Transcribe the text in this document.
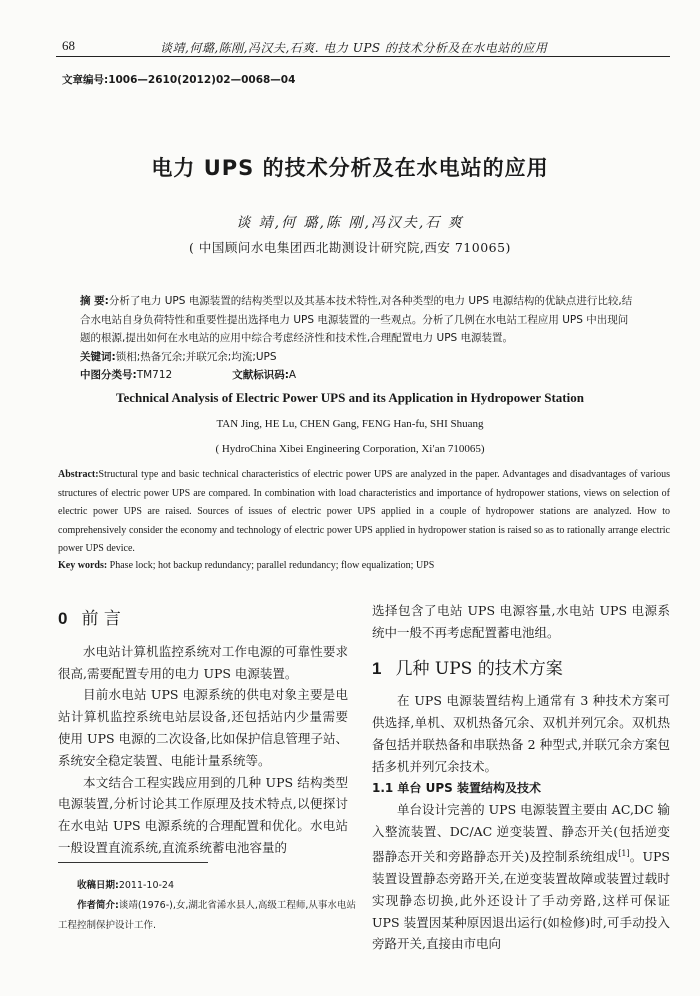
68	谈靖,何璐,陈刚,冯汉夫,石爽. 电力 UPS 的技术分析及在水电站的应用
文章编号:1006—2610(2012)02—0068—04
电力 UPS 的技术分析及在水电站的应用
谈 靖,何 璐,陈 刚,冯汉夫,石 爽
( 中国顾问水电集团西北勘测设计研究院,西安 710065)
摘 要:分析了电力 UPS 电源装置的结构类型以及其基本技术特性,对各种类型的电力 UPS 电源结构的优缺点进行比较,结合水电站自身负荷特性和重要性提出选择电力 UPS 电源装置的一些观点。分析了几例在水电站工程应用 UPS 中出现问题的根源,提出如何在水电站的应用中综合考虑经济性和技术性,合理配置电力 UPS 电源装置。
关键词:锁相;热备冗余;并联冗余;均流;UPS
中图分类号:TM712	文献标识码:A
Technical Analysis of Electric Power UPS and its Application in Hydropower Station
TAN Jing, HE Lu, CHEN Gang, FENG Han-fu, SHI Shuang
( HydroChina Xibei Engineering Corporation, Xi′an 710065)
Abstract:Structural type and basic technical characteristics of electric power UPS are analyzed in the paper. Advantages and disadvantages of various structures of electric power UPS are compared. In combination with load characteristics and importance of hydropower stations, views on selection of electric power UPS are raised. Sources of issues of electric power UPS applied in a couple of hydropower stations are analyzed. How to comprehensively consider the economy and technology of electric power UPS applied in hydropower station is raised so as to rationally arrange electric power UPS device.
Key words: Phase lock; hot backup redundancy; parallel redundancy; flow equalization; UPS
0 前 言

水电站计算机监控系统对工作电源的可靠性要求很高,需要配置专用的电力 UPS 电源装置。

目前水电站 UPS 电源系统的供电对象主要是电站计算机监控系统电站层设备,还包括站内少量需要使用 UPS 电源的二次设备,比如保护信息管理子站、系统安全稳定装置、电能计量系统等。

本文结合工程实践应用到的几种 UPS 结构类型电源装置,分析讨论其工作原理及技术特点,以便探讨在水电站 UPS 电源系统的合理配置和优化。水电站一般设置直流系统,直流系统蓄电池容量的

收稿日期:2011-10-24
作者简介:谈靖(1976-),女,湖北省浠水县人,高级工程师,从事水电站工程控制保护设计工作.

选择包含了电站 UPS 电源容量,水电站 UPS 电源系统中一般不再考虑配置蓄电池组。

1 几种 UPS 的技术方案

在 UPS 电源装置结构上通常有 3 种技术方案可供选择,单机、双机热备冗余、双机并列冗余。双机热备包括并联热备和串联热备 2 种型式,并联冗余方案包括多机并列冗余技术。

1.1 单台 UPS 装置结构及技术

单台设计完善的 UPS 电源装置主要由 AC,DC 输入整流装置、DC/AC 逆变装置、静态开关(包括逆变器静态开关和旁路静态开关)及控制系统组成[1]。UPS 装置设置静态旁路开关,在逆变装置故障或装置过载时实现静态切换,此外还设计了手动旁路,这样可保证 UPS 装置因某种原因退出运行(如检修)时,可手动投入旁路开关,直接由市电向
